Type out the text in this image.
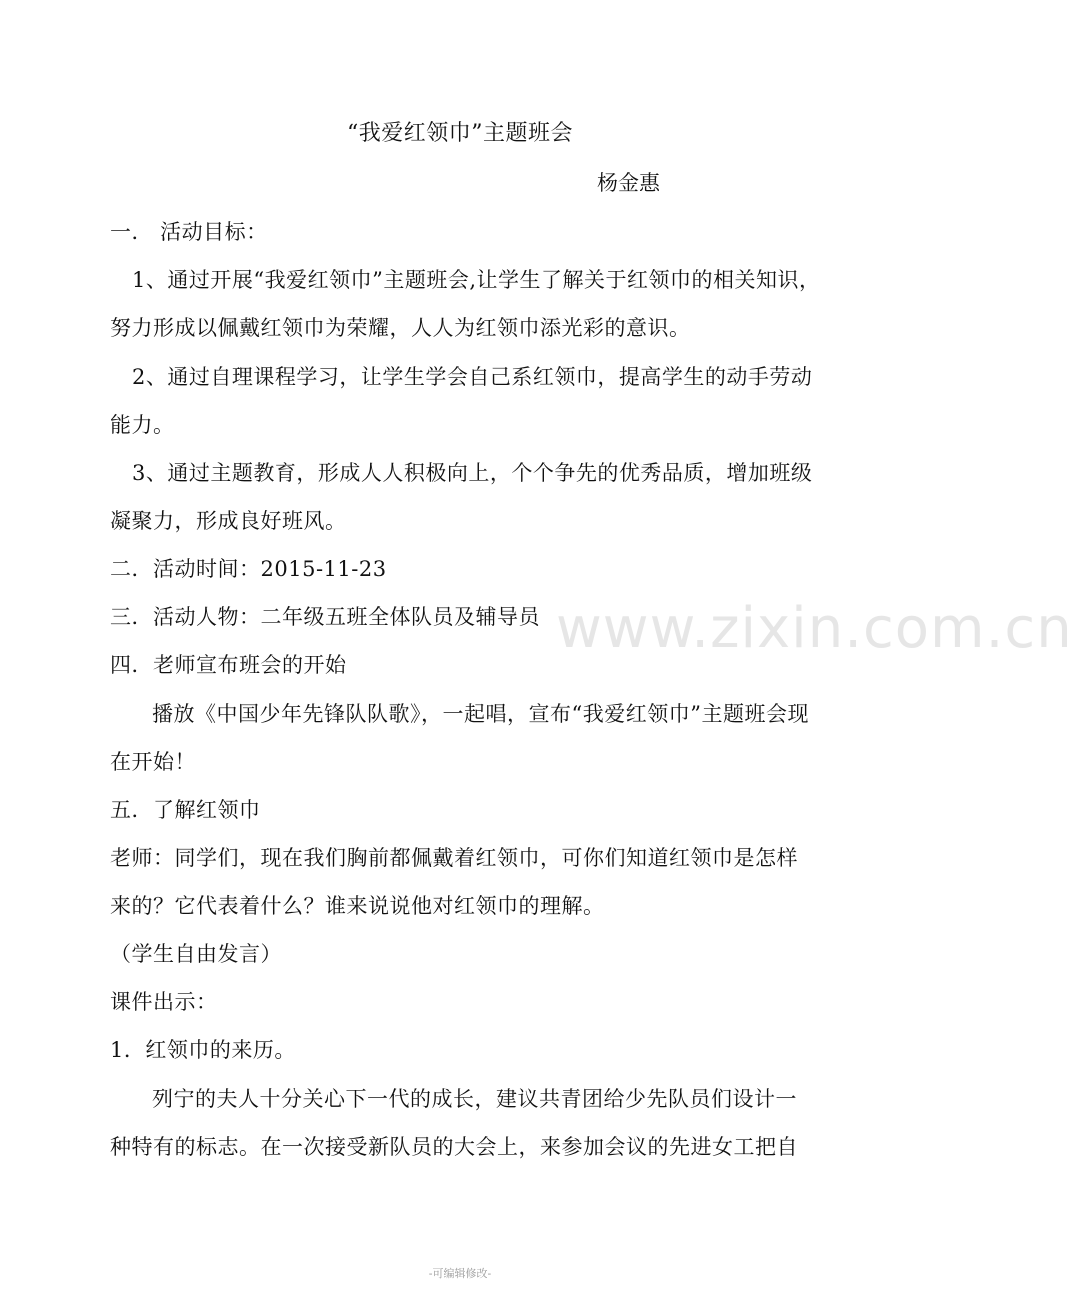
“我爱红领巾”主题班会
杨金惠
一． 活动目标：
1、通过开展“我爱红领巾”主题班会,让学生了解关于红领巾的相关知识，
努力形成以佩戴红领巾为荣耀，人人为红领巾添光彩的意识。
2、通过自理课程学习，让学生学会自己系红领巾，提高学生的动手劳动
能力。
3、通过主题教育，形成人人积极向上，个个争先的优秀品质，增加班级
凝聚力，形成良好班风。
二．活动时间：2015-11-23
三．活动人物：二年级五班全体队员及辅导员
四．老师宣布班会的开始
播放《中国少年先锋队队歌》，一起唱，宣布“我爱红领巾”主题班会现
在开始！
五．了解红领巾
老师：同学们，现在我们胸前都佩戴着红领巾，可你们知道红领巾是怎样
来的？它代表着什么？谁来说说他对红领巾的理解。
（学生自由发言）
课件出示：
1．红领巾的来历。
列宁的夫人十分关心下一代的成长，建议共青团给少先队员们设计一
种特有的标志。在一次接受新队员的大会上，来参加会议的先进女工把自
www.zixin.com.cn
-可编辑修改-
